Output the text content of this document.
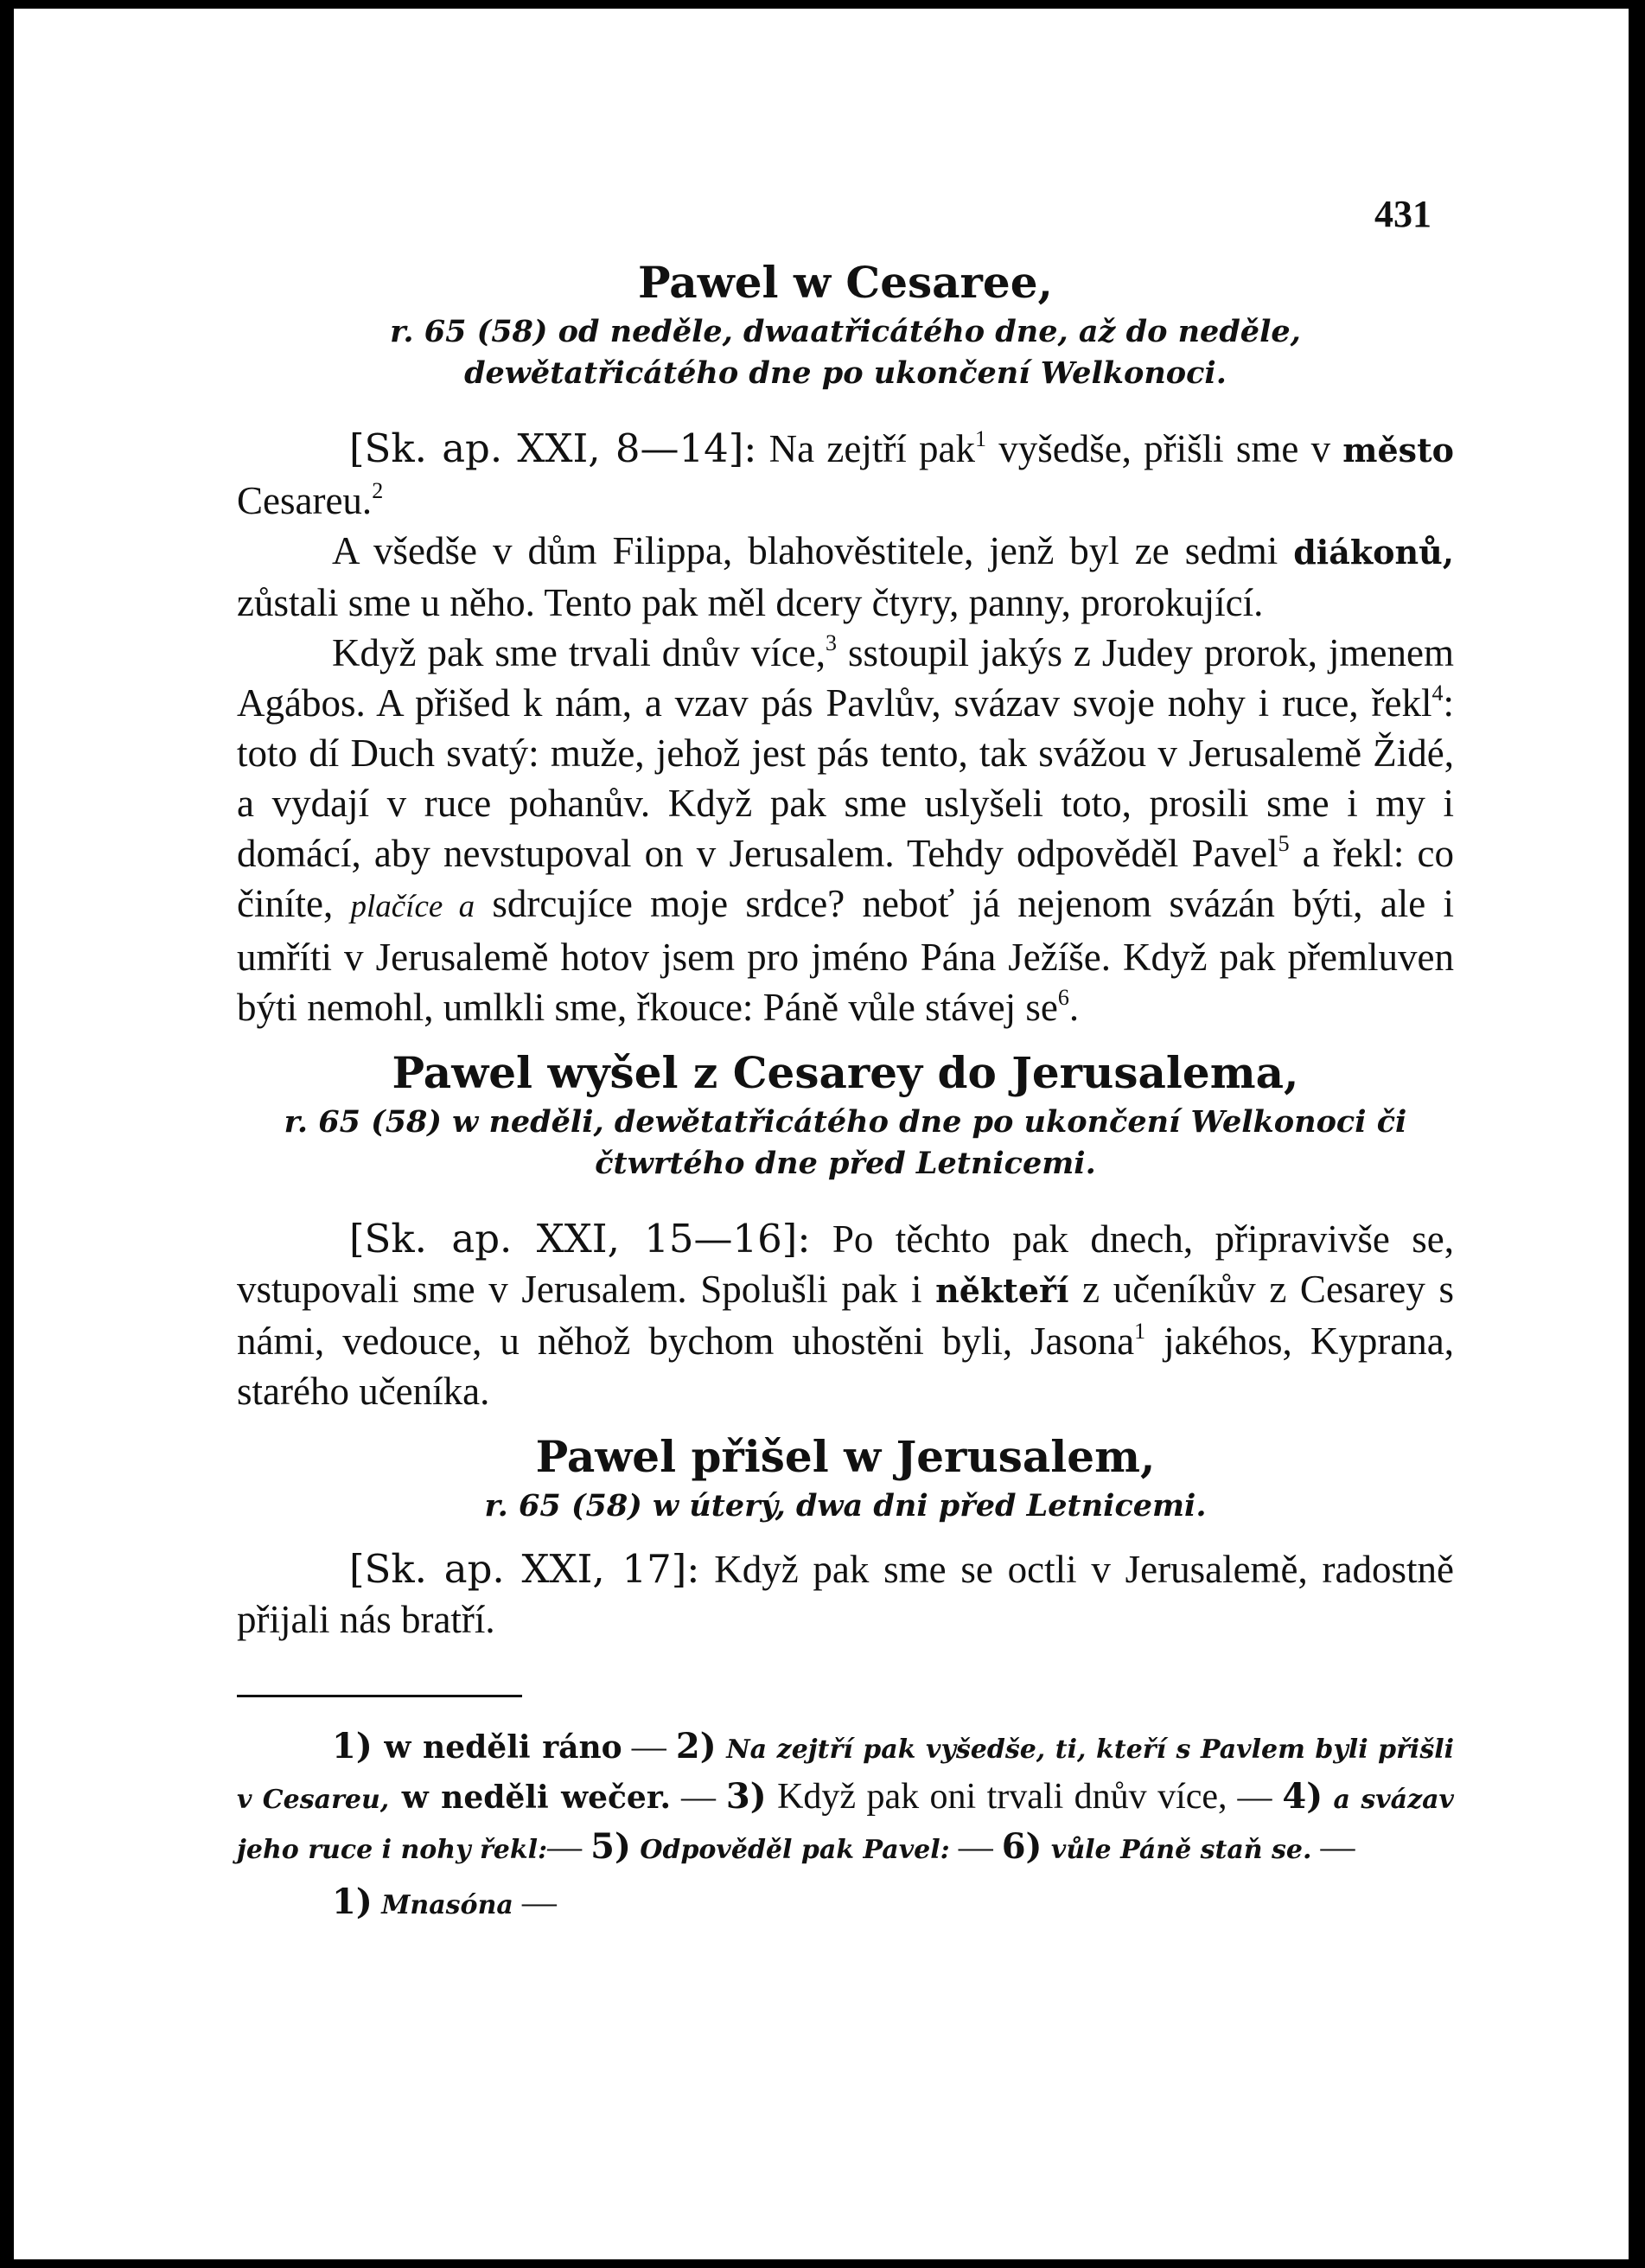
431
Pawel w Cesaree,
r. 65 (58) od neděle, dwaatřicátého dne, až do neděle, dewětatřicátého dne po ukončení Welkonoci.

[Sk. ap. XXI, 8—14]: Na zejtří pak$^1$ vyšedše, přišli sme v město Cesareu.$^2$

A všedše v dům Filippa, blahověstitele, jenž byl ze sedmi diákonů, zůstali sme u něho. Tento pak měl dcery čtyry, panny, prorokující.

Když pak sme trvali dnův více,$^3$ sstoupil jakýs z Judey prorok, jmenem Agábos. A přišed k nám, a vzav pás Pavlův, svázav svoje nohy i ruce, řekl$^4$: toto dí Duch svatý: muže, jehož jest pás tento, tak svážou v Jerusalemě Židé, a vydají v ruce pohanův. Když pak sme uslyšeli toto, prosili sme i my i domácí, aby nevstupoval on v Jerusalem. Tehdy odpověděl Pavel$^5$ a řekl: co činíte, plačíce a sdrcujíce moje srdce? neboť já nejenom svázán býti, ale i umříti v Jerusalemě hotov jsem pro jméno Pána Ježíše. Když pak přemluven býti nemohl, umlkli sme, řkouce: Páně vůle stávej $se^6$.

Pawel wyšel z Cesarey do Jerusalema,
r. 65 (58) w neděli, dewětatřicátého dne po ukončení Welkonoci či čtwrtého dne před Letnicemi.

[Sk. ap. XXI, 15—16]: Po těchto pak dnech, připravivše se, vstupovali sme v Jerusalem. Spolušli pak i někteří z učeníkův z Cesarey s námi, vedouce, u něhož bychom uhostěni byli, Jasona$^1$ jakéhos, Kyprana, starého učeníka.

Pawel přišel w Jerusalem,
r. 65 (58) w úterý, dwa dni před Letnicemi.

[Sk. ap. XXI, 17]: Když pak sme se octli v Jerusalemě, radostně přijali nás bratří.

1) w neděli ráno — 2) Na zejtří pak vyšedše, ti, kteří s Pavlem byli přišli v Cesareu, w neděli wečer. — 3) Když pak oni trvali dnův více, — 4) a svázav jeho ruce i nohy řekl:— 5) Odpověděl pak Pavel: — 6) vůle Páně staň se. —
1) Mnasóna —
